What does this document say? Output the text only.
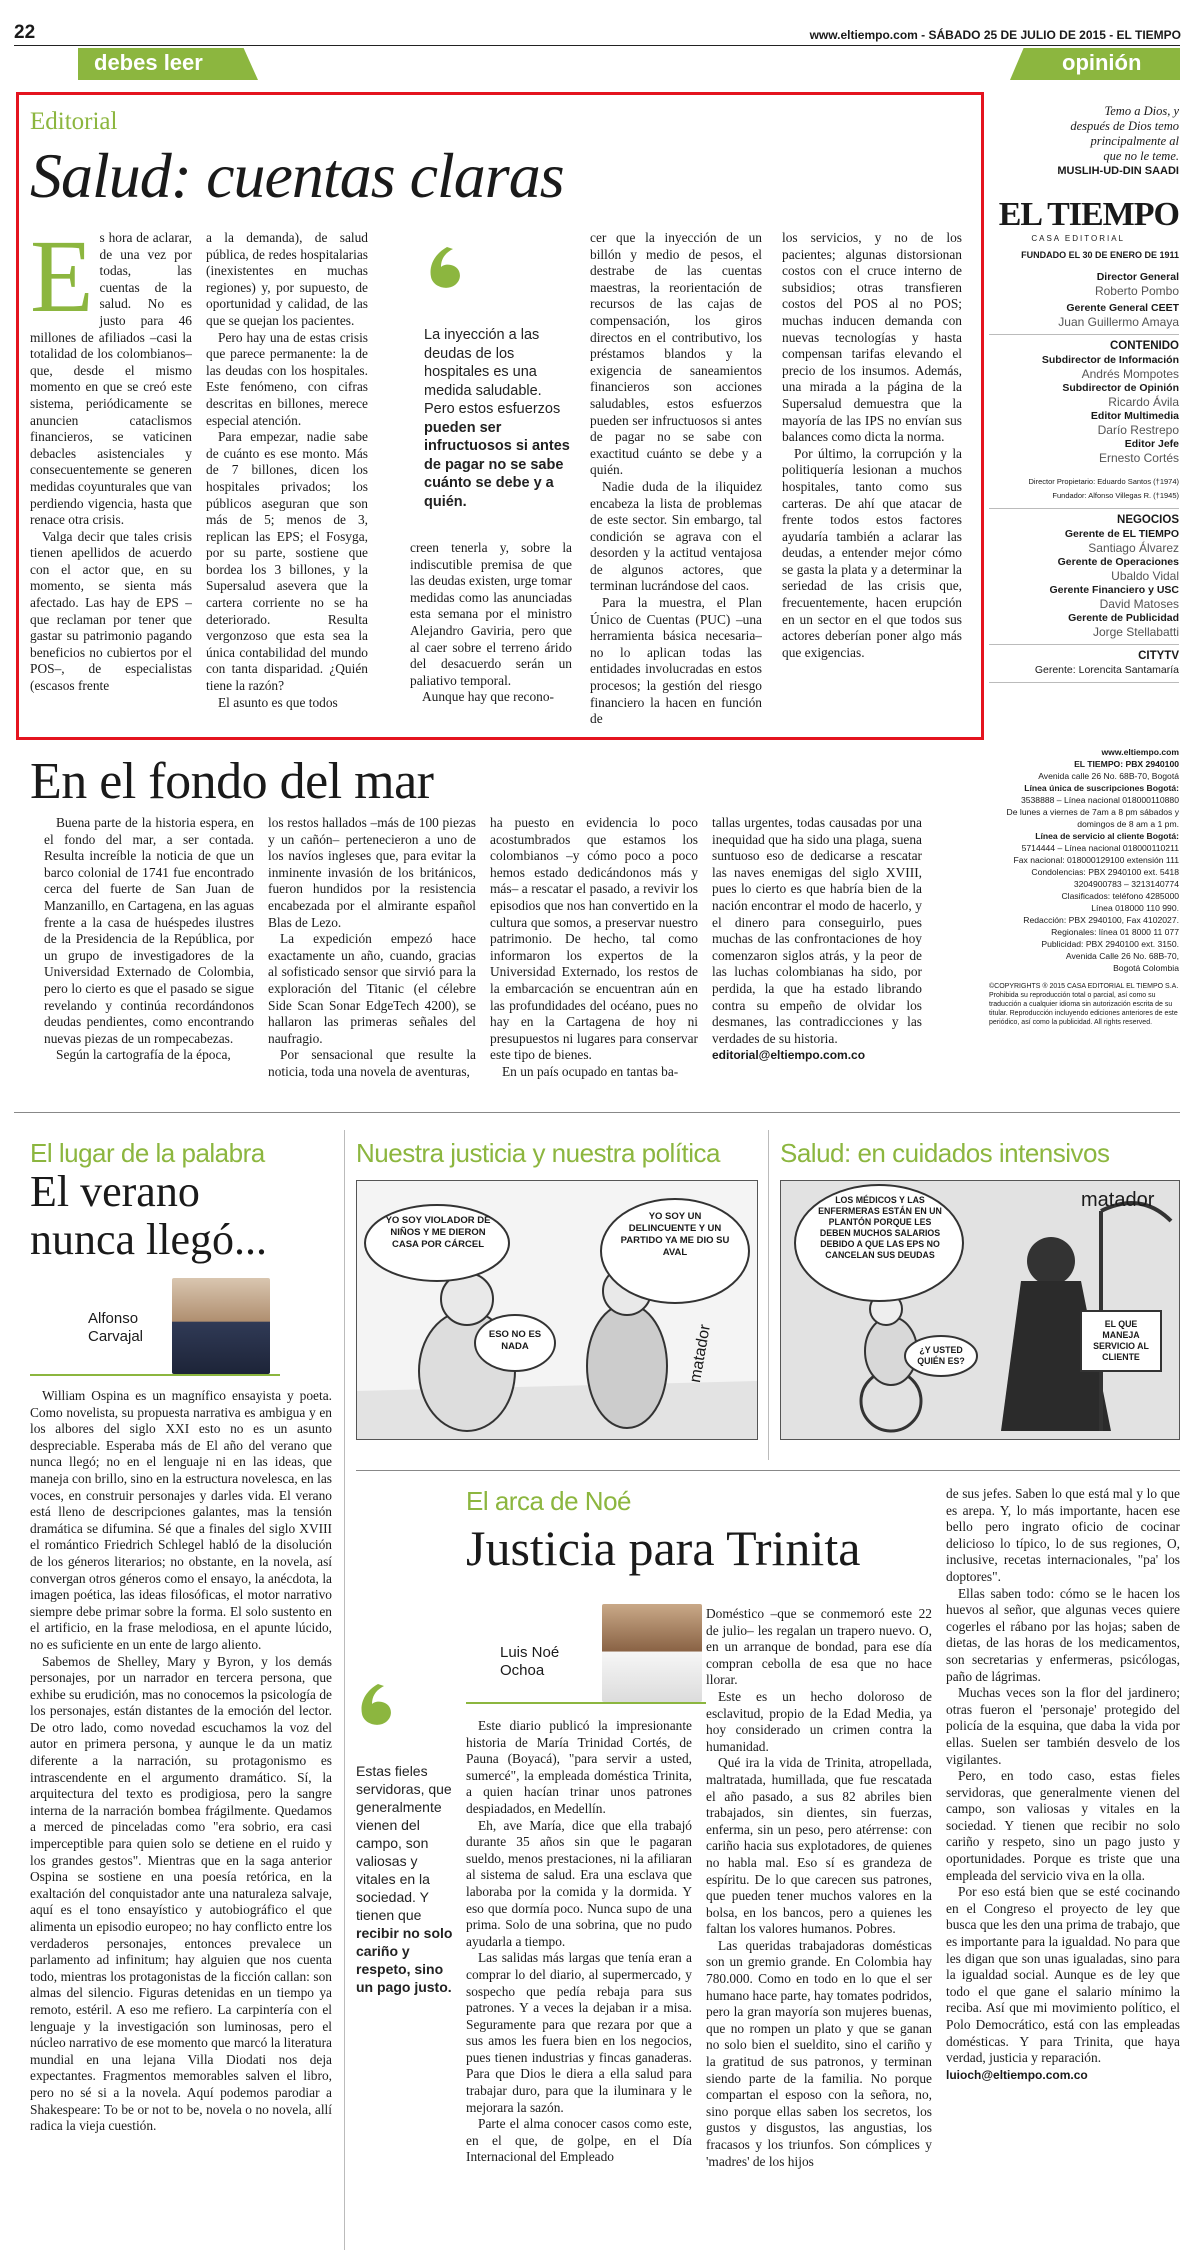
22	www.eltiempo.com - SÁBADO 25 DE JULIO DE 2015 - EL TIEMPO
debes leer	opinión
Editorial
Salud: cuentas claras
E s hora de aclarar, de una vez por todas, las cuentas de la salud. No es justo para 46 millones de afiliados –casi la totalidad de los colombianos– que, desde el mismo momento en que se creó este sistema, periódicamente se anuncien cataclismos financieros, se vaticinen debacles asistenciales y consecuentemente se generen medidas coyunturales que van perdiendo vigencia, hasta que renace otra crisis.

Valga decir que tales crisis tienen apellidos de acuerdo con el actor que, en su momento, se sienta más afectado. Las hay de EPS –que reclaman por tener que gastar su patrimonio pagando beneficios no cubiertos por el POS–, de especialistas (escasos frente

a la demanda), de salud pública, de redes hospitalarias (inexistentes en muchas regiones) y, por supuesto, de oportunidad y calidad, de las que se quejan los pacientes.

Pero hay una de estas crisis que parece permanente: la de las deudas con los hospitales. Este fenómeno, con cifras descritas en billones, merece especial atención.

Para empezar, nadie sabe de cuánto es ese monto. Más de 7 billones, dicen los hospitales privados; los públicos aseguran que son más de 5; menos de 3, replican las EPS; el Fosyga, por su parte, sostiene que bordea los 3 billones, y la Supersalud asevera que la cartera corriente no se ha deteriorado. Resulta vergonzoso que esta sea la única contabilidad del mundo con tanta disparidad. ¿Quién tiene la razón?

El asunto es que todos

La inyección a las deudas de los hospitales es una medida saludable. Pero estos esfuerzos pueden ser infructuosos si antes de pagar no se sabe cuánto se debe y a quién.

creen tenerla y, sobre la indiscutible premisa de que las deudas existen, urge tomar medidas como las anunciadas esta semana por el ministro Alejandro Gaviria, pero que al caer sobre el terreno árido del desacuerdo serán un paliativo temporal.

Aunque hay que recono-

cer que la inyección de un billón y medio de pesos, el destrabe de las cuentas maestras, la reorientación de recursos de las cajas de compensación, los giros directos en el contributivo, los préstamos blandos y la exigencia de saneamientos financieros son acciones saludables, estos esfuerzos pueden ser infructuosos si antes de pagar no se sabe con exactitud cuánto se debe y a quién.

Nadie duda de la iliquidez encabeza la lista de problemas de este sector. Sin embargo, tal condición se agrava con el desorden y la actitud ventajosa de algunos actores, que terminan lucrándose del caos.

Para la muestra, el Plan Único de Cuentas (PUC) –una herramienta básica necesaria– no lo aplican todas las entidades involucradas en estos procesos; la gestión del riesgo financiero la hacen en función de

los servicios, y no de los pacientes; algunas distorsionan costos con el cruce interno de subsidios; otras transfieren costos del POS al no POS; muchas inducen demanda con nuevas tecnologías y hasta compensan tarifas elevando el precio de los insumos. Además, una mirada a la página de la Supersalud demuestra que la mayoría de las IPS no envían sus balances como dicta la norma.

Por último, la corrupción y la politiquería lesionan a muchos hospitales, tanto como sus carteras. De ahí que atacar de frente todos estos factores ayudaría también a aclarar las deudas, a entender mejor cómo se gasta la plata y a determinar la seriedad de las crisis que, frecuentemente, hacen erupción en un sector en el que todos sus actores deberían poner algo más que exigencias.

Temo a Dios, y
después de Dios temo
principalmente al
que no le teme.
MUSLIH-UD-DIN SAADI
EL TIEMPO
CASA EDITORIAL
FUNDADO EL 30 DE ENERO DE 1911
Director General
Roberto Pombo
Gerente General CEET
Juan Guillermo Amaya
CONTENIDO
Subdirector de Información
Andrés Mompotes
Subdirector de Opinión
Ricardo Ávila
Editor Multimedia
Darío Restrepo
Editor Jefe
Ernesto Cortés
Director Propietario: Eduardo Santos (†1974)
Fundador: Alfonso Villegas R. (†1945)
NEGOCIOS
Gerente de EL TIEMPO
Santiago Álvarez
Gerente de Operaciones
Ubaldo Vidal
Gerente Financiero y USC
David Matoses
Gerente de Publicidad
Jorge Stellabatti
CITYTV
Gerente: Lorencita Santamaría
www.eltiempo.com
EL TIEMPO: PBX 2940100
Avenida calle 26 No. 68B-70, Bogotá
Línea única de suscripciones Bogotá:
3538888 – Línea nacional 018000110880
De lunes a viernes de 7am a 8 pm sábados y
domingos de 8 am a 1 pm.
Línea de servicio al cliente Bogotá:
5714444 – Línea nacional 018000110211
Fax nacional: 018000129100 extensión 111
Condolencias: PBX 2940100 ext. 5418
3204900783 – 3213140774
Clasificados: teléfono 4285000
Línea 018000 110 990.
Redacción: PBX 2940100, Fax 4102027.
Regionales: línea 01 8000 11 077
Publicidad: PBX 2940100 ext. 3150.
Avenida Calle 26 No. 68B-70,
Bogotá Colombia
©COPYRIGHTS ® 2015 CASA EDITORIAL EL TIEMPO S.A. Prohibida su reproducción total o parcial, así como su traducción a cualquier idioma sin autorización escrita de su titular. Reproducción incluyendo ediciones anteriores de este periódico, así como la publicidad. All rights reserved.
En el fondo del mar

Buena parte de la historia espera, en el fondo del mar, a ser contada. Resulta increíble la noticia de que un barco colonial de 1741 fue encontrado cerca del fuerte de San Juan de Manzanillo, en Cartagena, en las aguas frente a la casa de huéspedes ilustres de la Presidencia de la República, por un grupo de investigadores de la Universidad Externado de Colombia, pero lo cierto es que el pasado se sigue revelando y continúa recordándonos deudas pendientes, como encontrando nuevas piezas de un rompecabezas.

Según la cartografía de la época,

los restos hallados –más de 100 piezas y un cañón– pertenecieron a uno de los navíos ingleses que, para evitar la inminente invasión de los británicos, fueron hundidos por la resistencia encabezada por el almirante español Blas de Lezo.

La expedición empezó hace exactamente un año, cuando, gracias al sofisticado sensor que sirvió para la exploración del Titanic (el célebre Side Scan Sonar EdgeTech 4200), se hallaron las primeras señales del naufragio.

Por sensacional que resulte la noticia, toda una novela de aventuras,

ha puesto en evidencia lo poco acostumbrados que estamos los colombianos –y cómo poco a poco hemos estado dedicándonos más y más– a rescatar el pasado, a revivir los episodios que nos han convertido en la cultura que somos, a preservar nuestro patrimonio. De hecho, tal como informaron los expertos de la Universidad Externado, los restos de la embarcación se encuentran aún en las profundidades del océano, pues no hay en la Cartagena de hoy ni presupuestos ni lugares para conservar este tipo de bienes.

En un país ocupado en tantas ba-

tallas urgentes, todas causadas por una inequidad que ha sido una plaga, suena suntuoso eso de dedicarse a rescatar las naves enemigas del siglo XVIII, pues lo cierto es que habría bien de la nación encontrar el modo de hacerlo, y el dinero para conseguirlo, pues muchas de las confrontaciones de hoy comenzaron siglos atrás, y la peor de las luchas colombianas ha sido, por perdida, la que ha estado librando contra su empeño de olvidar los desmanes, las contradicciones y las verdades de su historia.

editorial@eltiempo.com.co
El lugar de la palabra
El verano
nunca llegó...
Alfonso
Carvajal

William Ospina es un magnífico ensayista y poeta. Como novelista, su propuesta narrativa es ambigua y en los albores del siglo XXI esto no es un asunto despreciable. Esperaba más de El año del verano que nunca llegó; no en el lenguaje ni en las ideas, que maneja con brillo, sino en la estructura novelesca, en las voces, en construir personajes y darles vida. El verano está lleno de descripciones galantes, mas la tensión dramática se difumina. Sé que a finales del siglo XVIII el romántico Friedrich Schlegel habló de la disolución de los géneros literarios; no obstante, en la novela, así convergan otros géneros como el ensayo, la anécdota, la imagen poética, las ideas filosóficas, el motor narrativo siempre debe primar sobre la forma. El solo sustento en el artificio, en la frase melodiosa, en el apunte lúcido, no es suficiente en un ente de largo aliento.

Sabemos de Shelley, Mary y Byron, y los demás personajes, por un narrador en tercera persona, que exhibe su erudición, mas no conocemos la psicología de los personajes, están distantes de la emoción del lector. De otro lado, como novedad escuchamos la voz del autor en primera persona, y aunque le da un matiz diferente a la narración, su protagonismo es intrascendente en el argumento dramático. Sí, la arquitectura del texto es prodigiosa, pero la sangre interna de la narración bombea frágilmente. Quedamos a merced de pinceladas como "era sobrio, era casi imperceptible para quien solo se detiene en el ruido y los grandes gestos". Mientras que en la saga anterior Ospina se sostiene en una poesía retórica, en la exaltación del conquistador ante una naturaleza salvaje, aquí es el tono ensayístico y autobiográfico el que alimenta un episodio europeo; no hay conflicto entre los verdaderos personajes, entonces prevalece un parlamento ad infinitum; hay alguien que nos cuenta todo, mientras los protagonistas de la ficción callan: son almas del silencio. Figuras detenidas en un tiempo ya remoto, estéril. A eso me refiero. La carpintería con el lenguaje y la investigación son luminosas, pero el núcleo narrativo de ese momento que marcó la literatura mundial en una lejana Villa Diodati nos deja expectantes. Fragmentos memorables salven el libro, pero no sé si a la novela. Aquí podemos parodiar a Shakespeare: To be or not to be, novela o no novela, allí radica la vieja cuestión.

Nuestra justicia y nuestra política
YO SOY VIOLADOR DE NIÑOS Y ME DIERON CASA POR CÁRCEL
ESO NO ES NADA
YO SOY UN DELINCUENTE Y UN PARTIDO YA ME DIO SU AVAL
matador
Salud: en cuidados intensivos
LOS MÉDICOS Y LAS ENFERMERAS ESTÁN EN UN PLANTÓN PORQUE LES DEBEN MUCHOS SALARIOS DEBIDO A QUE LAS EPS NO CANCELAN SUS DEUDAS
¿Y USTED QUIÉN ES?
EL QUE MANEJA SERVICIO AL CLIENTE
matador
El arca de Noé
Justicia para Trinita
Luis Noé
Ochoa
Estas fieles servidoras, que generalmente vienen del campo, son valiosas y vitales en la sociedad. Y tienen que recibir no solo cariño y respeto, sino un pago justo.

Este diario publicó la impresionante historia de María Trinidad Cortés, de Pauna (Boyacá), "para servir a usted, sumercé", la empleada doméstica Trinita, a quien hacían trinar unos patrones despiadados, en Medellín.

Eh, ave María, dice que ella trabajó durante 35 años sin que le pagaran sueldo, menos prestaciones, ni la afiliaran al sistema de salud. Era una esclava que laboraba por la comida y la dormida. Y eso que dormía poco. Nunca supo de una prima. Solo de una sobrina, que no pudo ayudarla a tiempo.

Las salidas más largas que tenía eran a comprar lo del diario, al supermercado, y sospecho que pedía rebaja para sus patrones. Y a veces la dejaban ir a misa. Seguramente para que rezara por que a sus amos les fuera bien en los negocios, pues tienen industrias y fincas ganaderas. Para que Dios le diera a ella salud para trabajar duro, para que la iluminara y le mejorara la sazón.

Parte el alma conocer casos como este, en el que, de golpe, en el Día Internacional del Empleado

Doméstico –que se conmemoró este 22 de julio– les regalan un trapero nuevo. O, en un arranque de bondad, para ese día compran cebolla de esa que no hace llorar.

Este es un hecho doloroso de esclavitud, propio de la Edad Media, ya hoy considerado un crimen contra la humanidad.

Qué ira la vida de Trinita, atropellada, maltratada, humillada, que fue rescatada el año pasado, a sus 82 abriles bien trabajados, sin dientes, sin fuerzas, enferma, sin un peso, pero atérrense: con cariño hacia sus explotadores, de quienes no habla mal. Eso sí es grandeza de espíritu. De lo que carecen sus patrones, que pueden tener muchos valores en la bolsa, en los bancos, pero a quienes les faltan los valores humanos. Pobres.

Las queridas trabajadoras domésticas son un gremio grande. En Colombia hay 780.000. Como en todo en lo que el ser humano hace parte, hay tomates podridos, pero la gran mayoría son mujeres buenas, que no rompen un plato y que se ganan no solo bien el sueldito, sino el cariño y la gratitud de sus patronos, y terminan siendo parte de la familia. No porque compartan el esposo con la señora, no, sino porque ellas saben los secretos, los gustos y disgustos, las angustias, los fracasos y los triunfos. Son cómplices y 'madres' de los hijos

de sus jefes. Saben lo que está mal y lo que es arepa. Y, lo más importante, hacen ese bello pero ingrato oficio de cocinar delicioso lo típico, lo de sus regiones, O, inclusive, recetas internacionales, "pa' los doptores".

Ellas saben todo: cómo se le hacen los huevos al señor, que algunas veces quiere cogerles el rábano por las hojas; saben de dietas, de las horas de los medicamentos, son secretarias y enfermeras, psicólogas, paño de lágrimas.

Muchas veces son la flor del jardinero; otras fueron el 'personaje' protegido del policía de la esquina, que daba la vida por ellas. Suelen ser también desvelo de los vigilantes.

Pero, en todo caso, estas fieles servidoras, que generalmente vienen del campo, son valiosas y vitales en la sociedad. Y tienen que recibir no solo cariño y respeto, sino un pago justo y oportunidades. Porque es triste que una empleada del servicio viva en la olla.

Por eso está bien que se esté cocinando en el Congreso el proyecto de ley que busca que les den una prima de trabajo, que es importante para la igualdad. No para que les digan que son unas igualadas, sino para la igualdad social. Aunque es de ley que todo el que gane el salario mínimo la reciba. Así que mi movimiento político, el Polo Democrático, está con las empleadas domésticas. Y para Trinita, que haya verdad, justicia y reparación.

luioch@eltiempo.com.co
